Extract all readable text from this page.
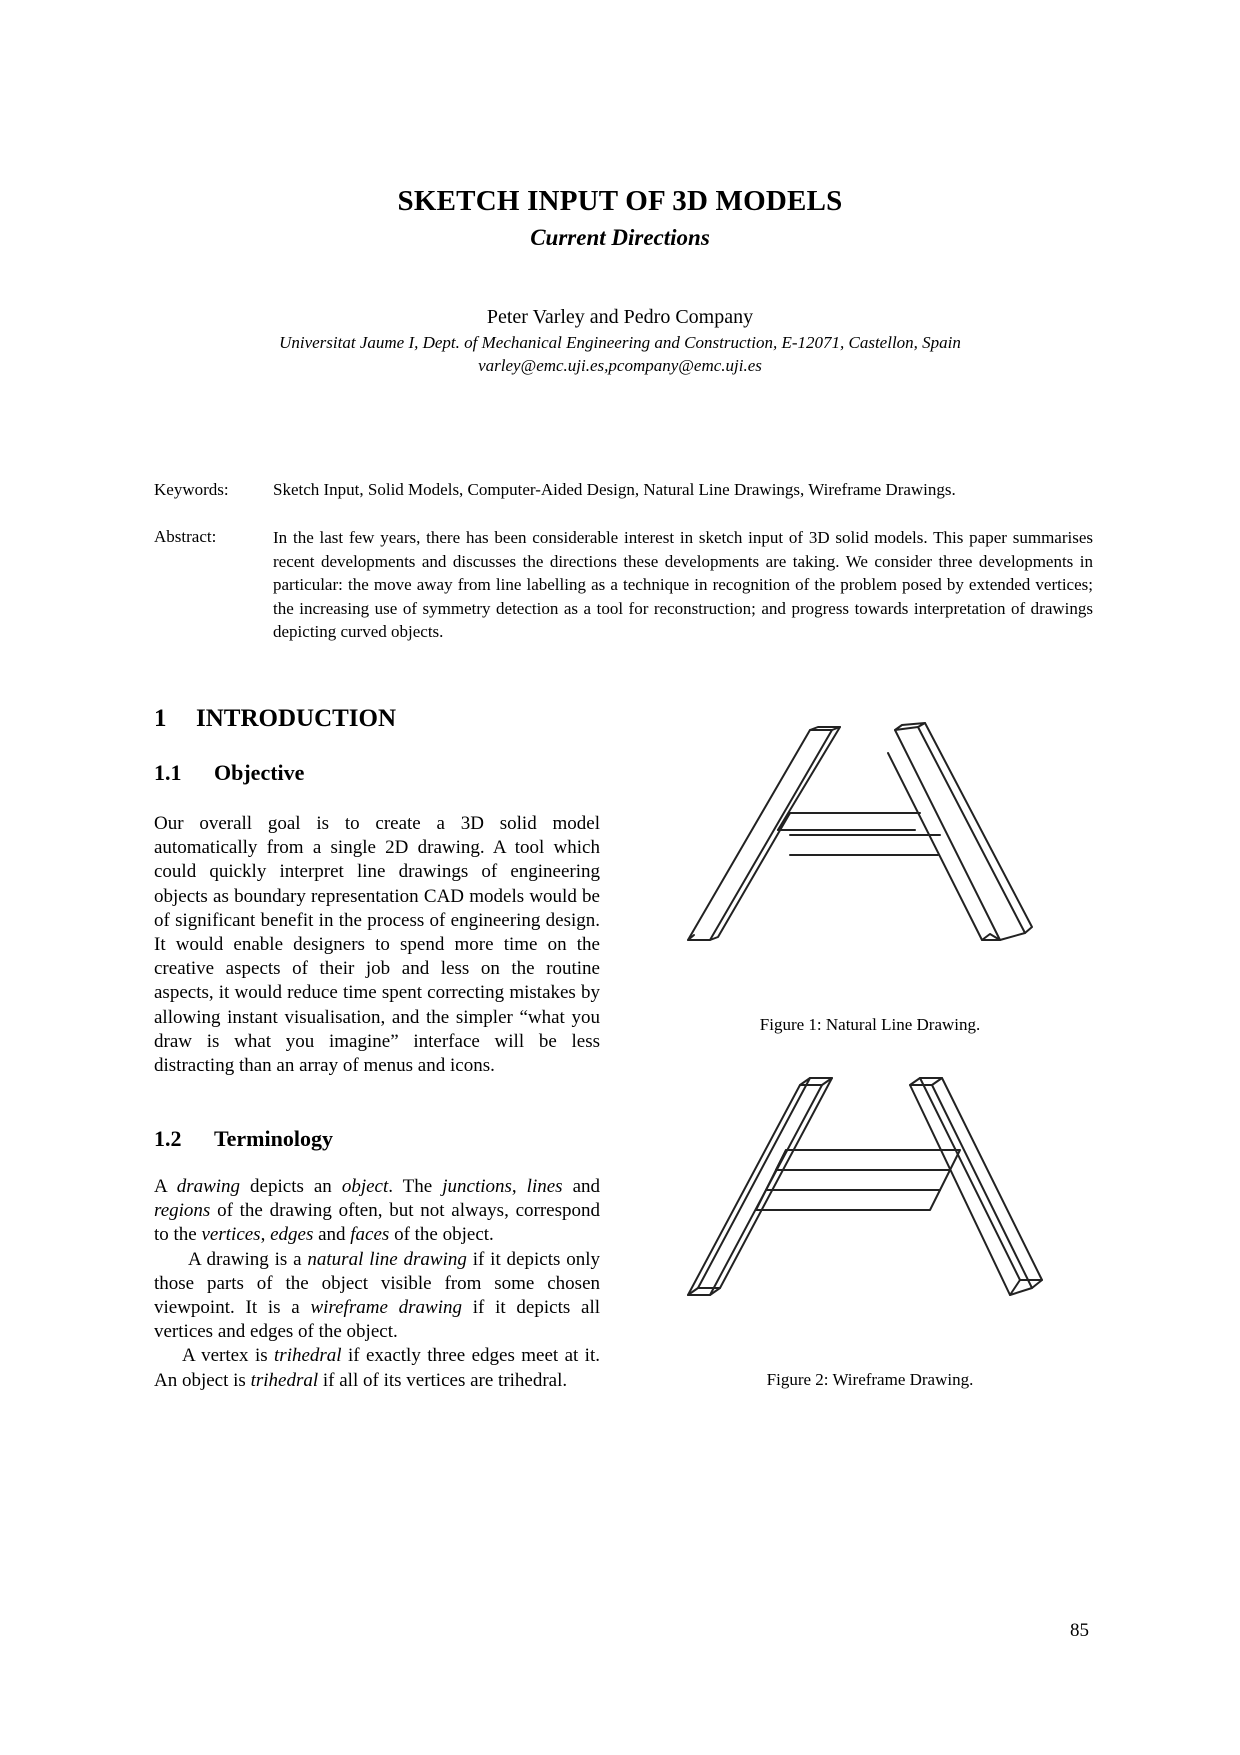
SKETCH INPUT OF 3D MODELS
Current Directions
Peter Varley and Pedro Company
Universitat Jaume I, Dept. of Mechanical Engineering and Construction, E-12071, Castellon, Spain
varley@emc.uji.es,pcompany@emc.uji.es
Keywords:	Sketch Input, Solid Models, Computer-Aided Design, Natural Line Drawings, Wireframe Drawings.
Abstract:	In the last few years, there has been considerable interest in sketch input of 3D solid models. This paper summarises recent developments and discusses the directions these developments are taking. We consider three developments in particular: the move away from line labelling as a technique in recognition of the problem posed by extended vertices; the increasing use of symmetry detection as a tool for reconstruction; and progress towards interpretation of drawings depicting curved objects.
1 INTRODUCTION
1.1 Objective
Our overall goal is to create a 3D solid model automatically from a single 2D drawing. A tool which could quickly interpret line drawings of engineering objects as boundary representation CAD models would be of significant benefit in the process of engineering design. It would enable designers to spend more time on the creative aspects of their job and less on the routine aspects, it would reduce time spent correcting mistakes by allowing instant visualisation, and the simpler “what you draw is what you imagine” interface will be less distracting than an array of menus and icons.
1.2 Terminology

A drawing depicts an object. The junctions, lines and regions of the drawing often, but not always, correspond to the vertices, edges and faces of the object.

A drawing is a natural line drawing if it depicts only those parts of the object visible from some chosen viewpoint. It is a wireframe drawing if it depicts all vertices and edges of the object.

A vertex is trihedral if exactly three edges meet at it. An object is trihedral if all of its vertices are trihedral.

Figure 1: Natural Line Drawing.
Figure 2: Wireframe Drawing.
85
